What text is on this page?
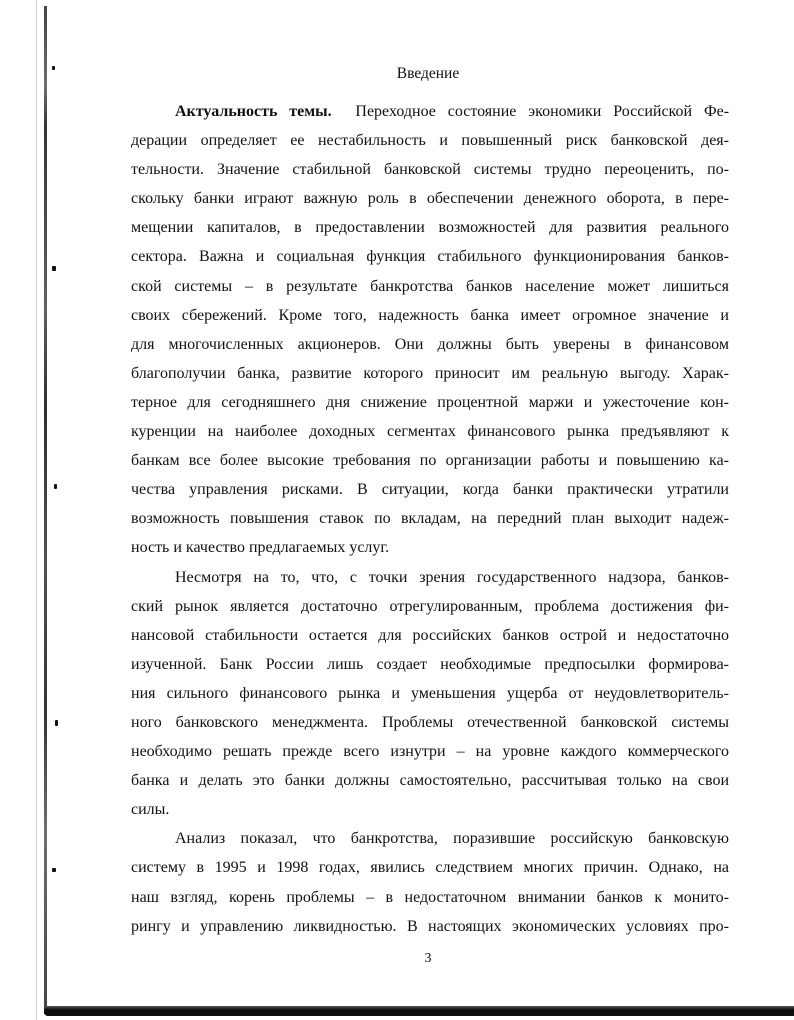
Введение
Актуальность темы. Переходное состояние экономики Российской Фе-
дерации определяет ее нестабильность и повышенный риск банковской дея-
тельности. Значение стабильной банковской системы трудно переоценить, по-
скольку банки играют важную роль в обеспечении денежного оборота, в пере-
мещении капиталов, в предоставлении возможностей для развития реального
сектора. Важна и социальная функция стабильного функционирования банков-
ской системы – в результате банкротства банков население может лишиться
своих сбережений. Кроме того, надежность банка имеет огромное значение и
для многочисленных акционеров. Они должны быть уверены в финансовом
благополучии банка, развитие которого приносит им реальную выгоду. Харак-
терное для сегодняшнего дня снижение процентной маржи и ужесточение кон-
куренции на наиболее доходных сегментах финансового рынка предъявляют к
банкам все более высокие требования по организации работы и повышению ка-
чества управления рисками. В ситуации, когда банки практически утратили
возможность повышения ставок по вкладам, на передний план выходит надеж-
ность и качество предлагаемых услуг.
Несмотря на то, что, с точки зрения государственного надзора, банков-
ский рынок является достаточно отрегулированным, проблема достижения фи-
нансовой стабильности остается для российских банков острой и недостаточно
изученной. Банк России лишь создает необходимые предпосылки формирова-
ния сильного финансового рынка и уменьшения ущерба от неудовлетворитель-
ного банковского менеджмента. Проблемы отечественной банковской системы
необходимо решать прежде всего изнутри – на уровне каждого коммерческого
банка и делать это банки должны самостоятельно, рассчитывая только на свои
силы.
Анализ показал, что банкротства, поразившие российскую банковскую
систему в 1995 и 1998 годах, явились следствием многих причин. Однако, на
наш взгляд, корень проблемы – в недостаточном внимании банков к монито-
рингу и управлению ликвидностью. В настоящих экономических условиях про-
3
